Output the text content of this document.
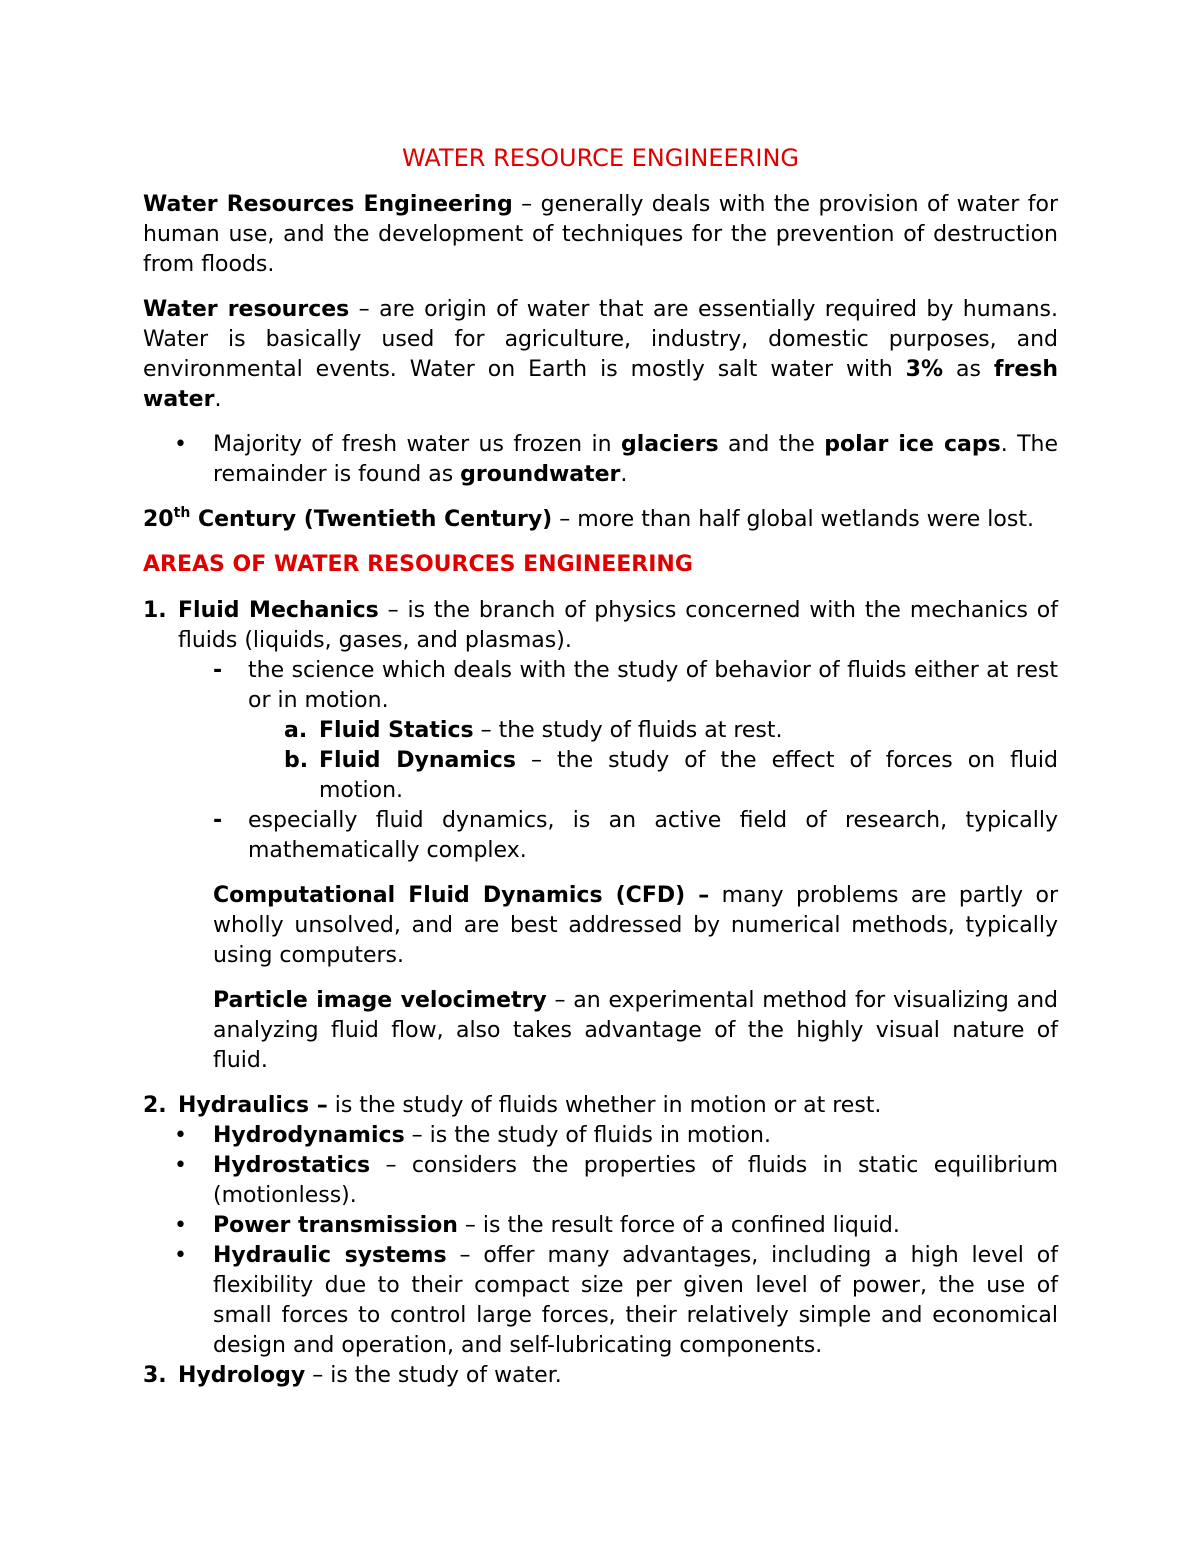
WATER RESOURCE ENGINEERING

Water Resources Engineering – generally deals with the provision of water for human use, and the development of techniques for the prevention of destruction from floods.

Water resources – are origin of water that are essentially required by humans. Water is basically used for agriculture, industry, domestic purposes, and environmental events. Water on Earth is mostly salt water with 3% as fresh water.

• Majority of fresh water us frozen in glaciers and the polar ice caps. The remainder is found as groundwater.

20th Century (Twentieth Century) – more than half global wetlands were lost.

AREAS OF WATER RESOURCES ENGINEERING
1. Fluid Mechanics – is the branch of physics concerned with the mechanics of fluids (liquids, gases, and plasmas).
- the science which deals with the study of behavior of fluids either at rest or in motion.
a. Fluid Statics – the study of fluids at rest.
b. Fluid Dynamics – the study of the effect of forces on fluid motion.
- especially fluid dynamics, is an active field of research, typically mathematically complex.
Computational Fluid Dynamics (CFD) – many problems are partly or wholly unsolved, and are best addressed by numerical methods, typically using computers.
Particle image velocimetry – an experimental method for visualizing and analyzing fluid flow, also takes advantage of the highly visual nature of fluid.
2. Hydraulics – is the study of fluids whether in motion or at rest.
• Hydrodynamics – is the study of fluids in motion.
• Hydrostatics – considers the properties of fluids in static equilibrium (motionless).
• Power transmission – is the result force of a confined liquid.
• Hydraulic systems – offer many advantages, including a high level of flexibility due to their compact size per given level of power, the use of small forces to control large forces, their relatively simple and economical design and operation, and self-lubricating components.
3. Hydrology – is the study of water.
